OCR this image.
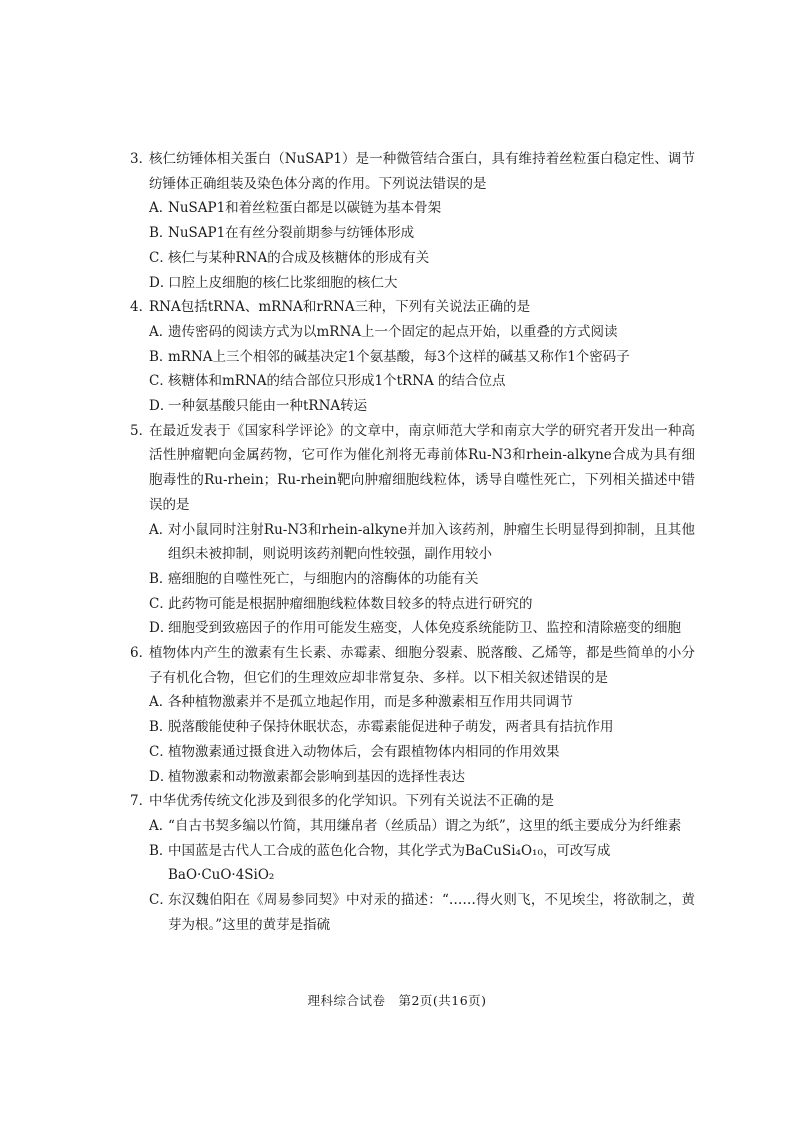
3．
核仁纺锤体相关蛋白（NuSAP1）是一种微管结合蛋白，具有维持着丝粒蛋白稳定性、调节纺锤体正确组装及染色体分离的作用。下列说法错误的是
A．
NuSAP1和着丝粒蛋白都是以碳链为基本骨架
B．
NuSAP1在有丝分裂前期参与纺锤体形成
C．
核仁与某种RNA的合成及核糖体的形成有关
D．
口腔上皮细胞的核仁比浆细胞的核仁大
4．
RNA包括tRNA、mRNA和rRNA三种，下列有关说法正确的是
A．
遗传密码的阅读方式为以mRNA上一个固定的起点开始，以重叠的方式阅读
B．
mRNA上三个相邻的碱基决定1个氨基酸，每3个这样的碱基又称作1个密码子
C．
核糖体和mRNA的结合部位只形成1个tRNA 的结合位点
D．
一种氨基酸只能由一种tRNA转运
5．
在最近发表于《国家科学评论》的文章中，南京师范大学和南京大学的研究者开发出一种高活性肿瘤靶向金属药物，它可作为催化剂将无毒前体Ru-N3和rhein-alkyne合成为具有细胞毒性的Ru-rhein；Ru-rhein靶向肿瘤细胞线粒体，诱导自噬性死亡，下列相关描述中错误的是
A．
对小鼠同时注射Ru-N3和rhein-alkyne并加入该药剂，肿瘤生长明显得到抑制，且其他组织未被抑制，则说明该药剂靶向性较强，副作用较小
B．
癌细胞的自噬性死亡，与细胞内的溶酶体的功能有关
C．
此药物可能是根据肿瘤细胞线粒体数目较多的特点进行研究的
D．
细胞受到致癌因子的作用可能发生癌变，人体免疫系统能防卫、监控和清除癌变的细胞
6．
植物体内产生的激素有生长素、赤霉素、细胞分裂素、脱落酸、乙烯等，都是些简单的小分子有机化合物，但它们的生理效应却非常复杂、多样。以下相关叙述错误的是
A．
各种植物激素并不是孤立地起作用，而是多种激素相互作用共同调节
B．
脱落酸能使种子保持休眠状态，赤霉素能促进种子萌发，两者具有拮抗作用
C．
植物激素通过摄食进入动物体后，会有跟植物体内相同的作用效果
D．
植物激素和动物激素都会影响到基因的选择性表达
7．
中华优秀传统文化涉及到很多的化学知识。下列有关说法不正确的是
A．
“自古书契多编以竹简，其用缣帛者（丝质品）谓之为纸”，这里的纸主要成分为纤维素
B．
中国蓝是古代人工合成的蓝色化合物，其化学式为BaCuSi₄O₁₀，可改写成
BaO·CuO·4SiO₂
C．
东汉魏伯阳在《周易参同契》中对汞的描述：“……得火则飞，不见埃尘，将欲制之，黄芽为根。”这里的黄芽是指硫
理科综合试卷　第2页(共16页)
